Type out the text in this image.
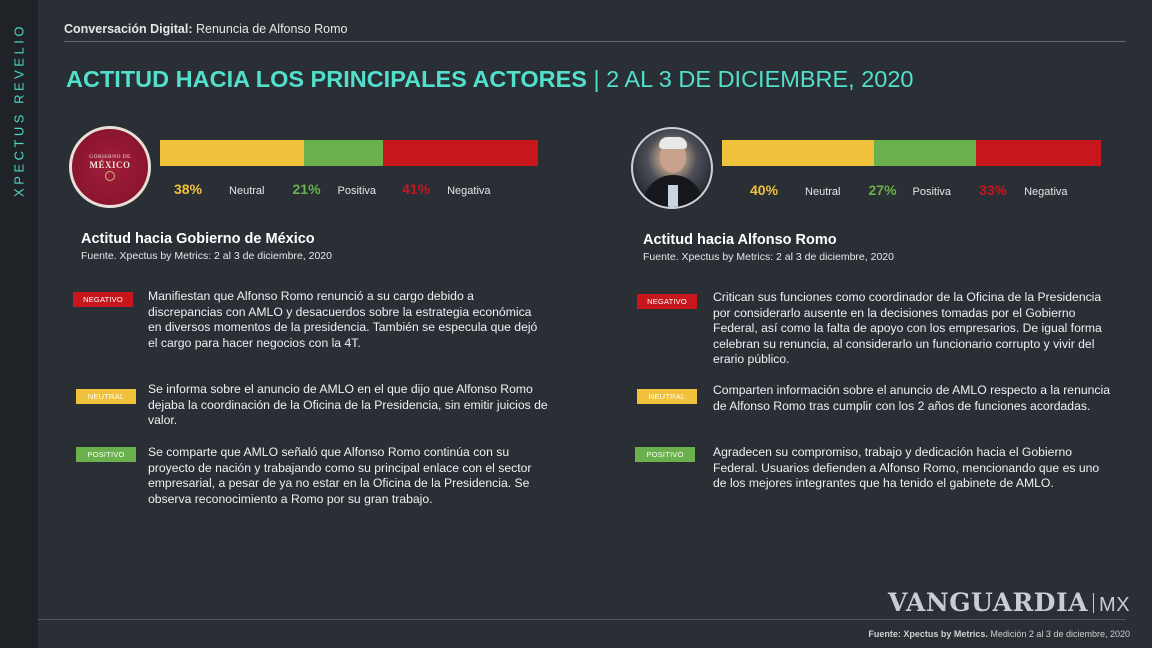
XPECTUS REVELIO	Conversación Digital: Renuncia de Alfonso Romo
ACTITUD HACIA LOS PRINCIPALES ACTORES | 2 AL 3 DE DICIEMBRE, 2020
GOBIERNO DE
MÉXICO
38% Neutral 21% Positiva 41% Negativa
Actitud hacia Gobierno de México
Fuente. Xpectus by Metrics: 2 al 3 de diciembre, 2020
NEGATIVO	Manifiestan que Alfonso Romo renunció a su cargo debido a discrepancias con AMLO y desacuerdos sobre la estrategia económica en diversos momentos de la presidencia. También se especula que dejó el cargo para hacer negocios con la 4T.
NEUTRAL
Se informa sobre el anuncio de AMLO en el que dijo que Alfonso Romo dejaba la coordinación de la Oficina de la Presidencia, sin emitir juicios de valor.
POSITIVO	Se comparte que AMLO señaló que Alfonso Romo continúa con su proyecto de nación y trabajando como su principal enlace con el sector empresarial, a pesar de ya no estar en la Oficina de la Presidencia. Se observa reconocimiento a Romo por su gran trabajo.
40% Neutral 27% Positiva 33% Negativa
Actitud hacia Alfonso Romo
Fuente. Xpectus by Metrics: 2 al 3 de diciembre, 2020
NEGATIVO	Critican sus funciones como coordinador de la Oficina de la Presidencia por considerarlo ausente en la decisiones tomadas por el Gobierno Federal, así como la falta de apoyo con los empresarios. De igual forma celebran su renuncia, al considerarlo un funcionario corrupto y vivir del erario público.
NEUTRAL	Comparten información sobre el anuncio de AMLO respecto a la renuncia de Alfonso Romo tras cumplir con los 2 años de funciones acordadas.
POSITIVO	Agradecen su compromiso, trabajo y dedicación hacia el Gobierno Federal. Usuarios defienden a Alfonso Romo, mencionando que es uno de los mejores integrantes que ha tenido el gabinete de AMLO.
VANGUARDIA MX
Fuente: Xpectus by Metrics. Medición 2 al 3 de diciembre, 2020
